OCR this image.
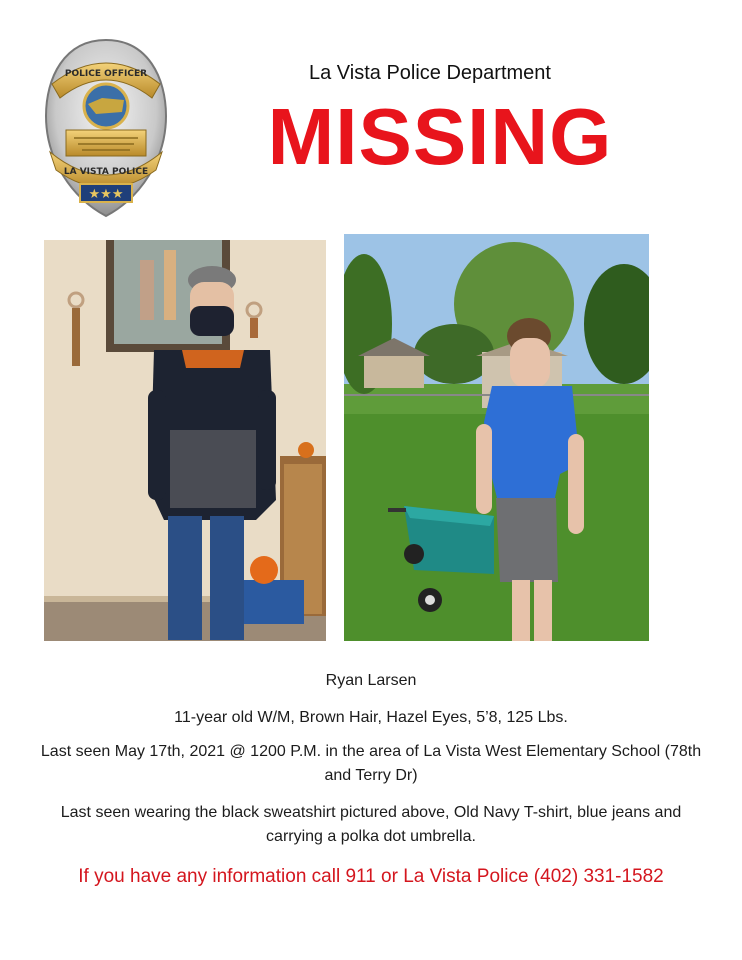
★★★
POLICE OFFICER
LA VISTA POLICE
La Vista Police Department
MISSING
Ryan Larsen
11-year old W/M, Brown Hair, Hazel Eyes, 5’8, 125 Lbs.
Last seen May 17th, 2021 @ 1200 P.M. in the area of La Vista West Elementary School (78th and Terry Dr)
Last seen wearing the black sweatshirt pictured above, Old Navy T-shirt, blue jeans and carrying a polka dot umbrella.
If you have any information call 911 or La Vista Police (402) 331-1582
